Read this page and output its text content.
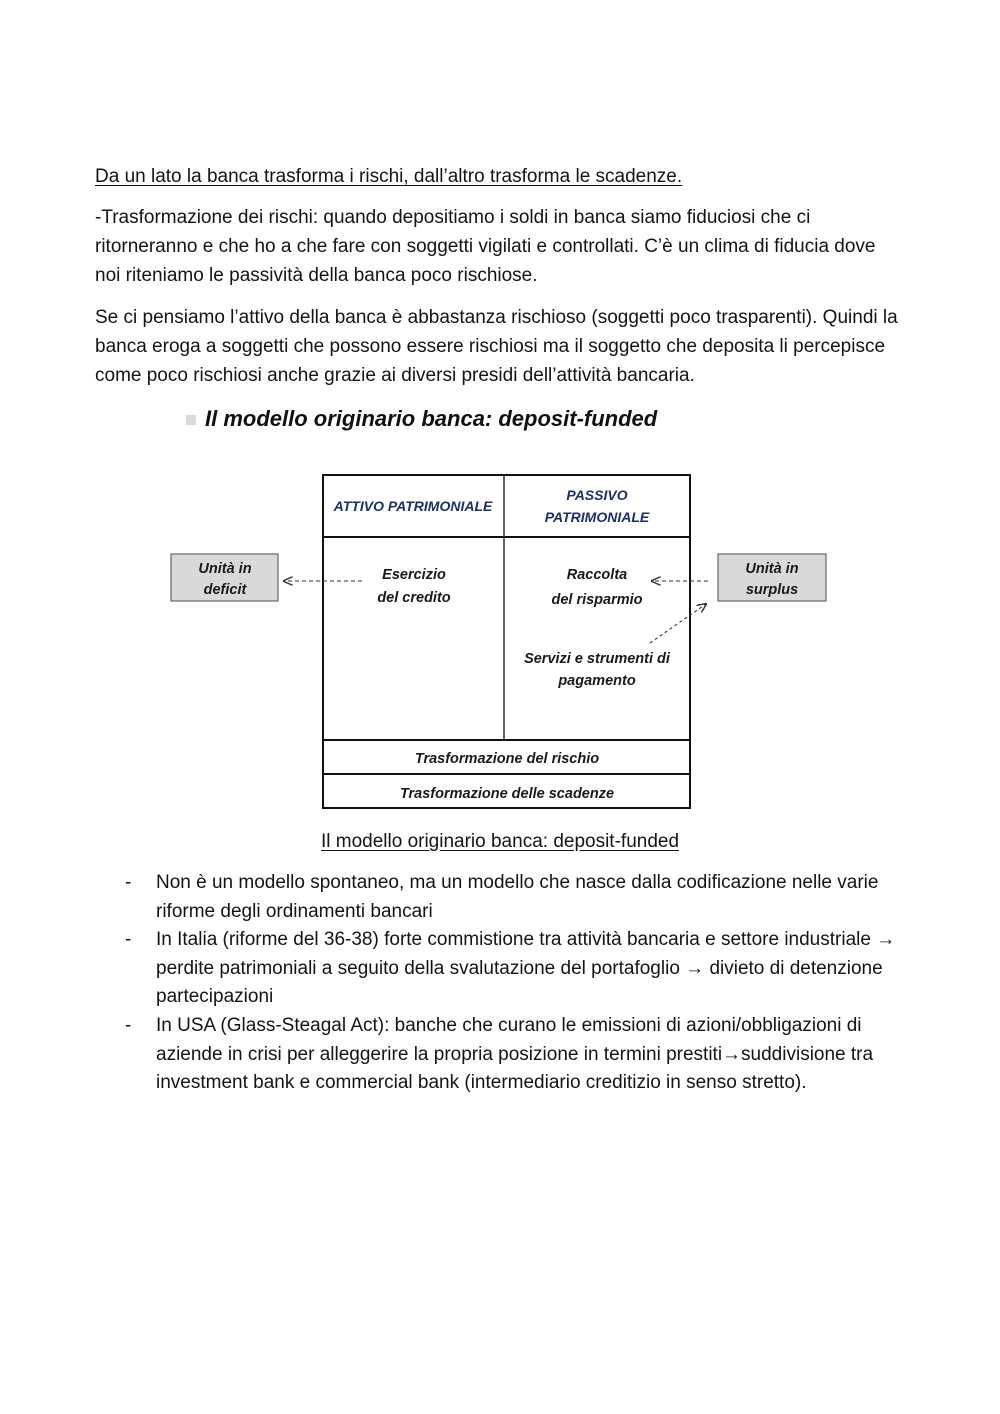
Da un lato la banca trasforma i rischi, dall’altro trasforma le scadenze.
-Trasformazione dei rischi: quando depositiamo i soldi in banca siamo fiduciosi che ci ritorneranno e che ho a che fare con soggetti vigilati e controllati. C’è un clima di fiducia dove noi riteniamo le passività della banca poco rischiose.
Se ci pensiamo l’attivo della banca è abbastanza rischioso (soggetti poco trasparenti). Quindi la banca eroga a soggetti che possono essere rischiosi ma il soggetto che deposita li percepisce come poco rischiosi anche grazie ai diversi presidi dell’attività bancaria.
Il modello originario banca: deposit-funded
ATTIVO PATRIMONIALE
PASSIVO
PATRIMONIALE
Esercizio
del credito
Raccolta
del risparmio
Servizi e strumenti di
pagamento
Trasformazione del rischio
Trasformazione delle scadenze
Unità in
deficit
Unità in
surplus
Il modello originario banca: deposit-funded
- Non è un modello spontaneo, ma un modello che nasce dalla codificazione nelle varie riforme degli ordinamenti bancari
- In Italia (riforme del 36-38) forte commistione tra attività bancaria e settore industriale → perdite patrimoniali a seguito della svalutazione del portafoglio → divieto di detenzione partecipazioni
- In USA (Glass-Steagal Act): banche che curano le emissioni di azioni/obbligazioni di aziende in crisi per alleggerire la propria posizione in termini prestiti→suddivisione tra investment bank e commercial bank (intermediario creditizio in senso stretto).
